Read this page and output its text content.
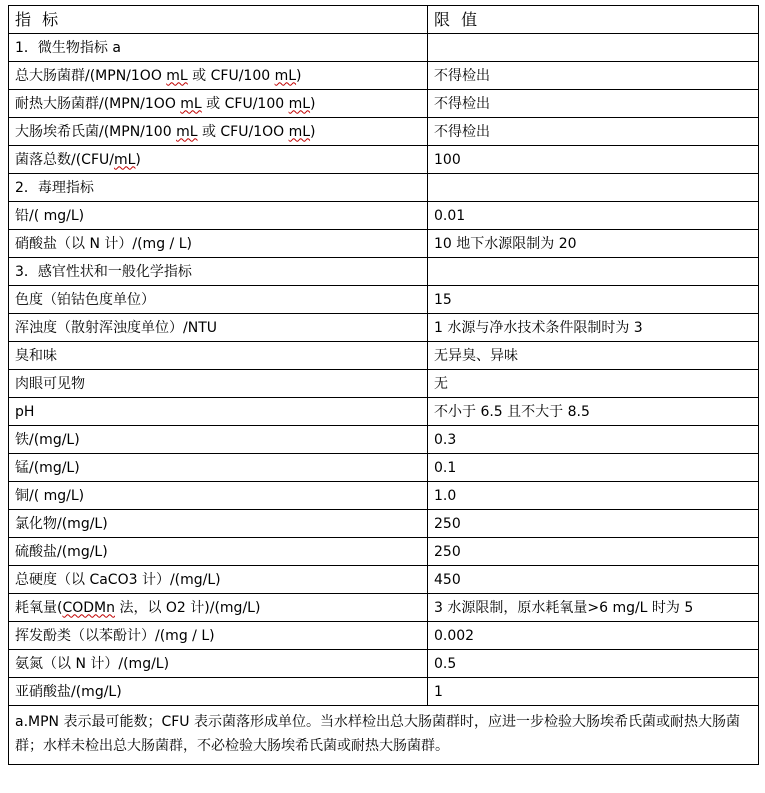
指 标	限 值
1．微生物指标 a	
总大肠菌群/(MPN/1OO mL 或 CFU/100 mL)	不得检出
耐热大肠菌群/(MPN/1OO mL 或 CFU/100 mL)	不得检出
大肠埃希氏菌/(MPN/100 mL 或 CFU/1OO mL)	不得检出
菌落总数/(CFU/mL)	100
2．毒理指标	
铅/( mg/L)	0.01
硝酸盐（以 N 计）/(mg / L)	10 地下水源限制为 20
3．感官性状和一般化学指标	
色度（铂钴色度单位）	15
浑浊度（散射浑浊度单位）/NTU	1 水源与净水技术条件限制时为 3
臭和味	无异臭、异味
肉眼可见物	无
pH	不小于 6.5 且不大于 8.5
铁/(mg/L)	0.3
锰/(mg/L)	0.1
铜/( mg/L)	1.0
氯化物/(mg/L)	250
硫酸盐/(mg/L)	250
总硬度（以 CaCO3 计）/(mg/L)	450
耗氧量(CODMn 法，以 O2 计)/(mg/L)	3 水源限制，原水耗氧量>6 mg/L 时为 5
挥发酚类（以苯酚计）/(mg / L)	0.002
氨氮（以 N 计）/(mg/L)	0.5
亚硝酸盐/(mg/L)	1
a.MPN 表示最可能数；CFU 表示菌落形成单位。当水样检出总大肠菌群时，应进一步检验大肠埃希氏菌或耐热大肠菌群；水样未检出总大肠菌群，不必检验大肠埃希氏菌或耐热大肠菌群。	
